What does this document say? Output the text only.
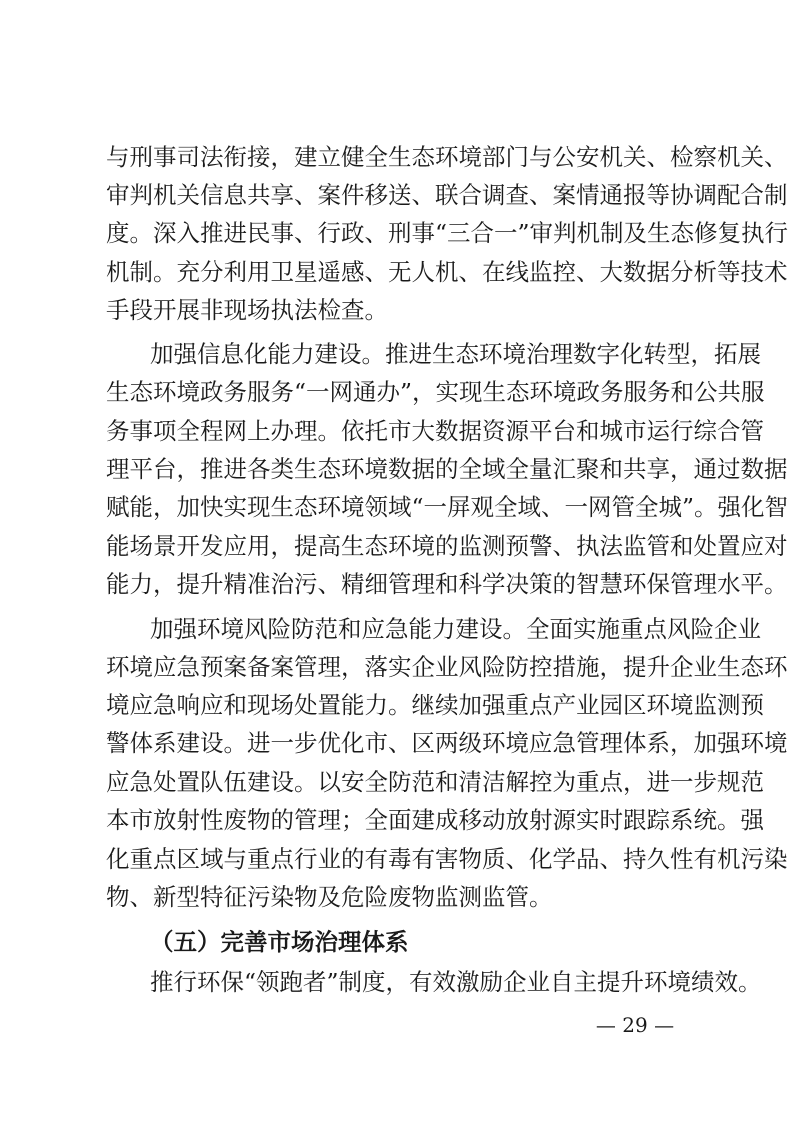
与刑事司法衔接，建立健全生态环境部门与公安机关、检察机关、
审判机关信息共享、案件移送、联合调查、案情通报等协调配合制
度。深入推进民事、行政、刑事“三合一”审判机制及生态修复执行
机制。充分利用卫星遥感、无人机、在线监控、大数据分析等技术
手段开展非现场执法检查。
加强信息化能力建设。推进生态环境治理数字化转型，拓展
生态环境政务服务“一网通办”，实现生态环境政务服务和公共服
务事项全程网上办理。依托市大数据资源平台和城市运行综合管
理平台，推进各类生态环境数据的全域全量汇聚和共享，通过数据
赋能，加快实现生态环境领域“一屏观全域、一网管全城”。强化智
能场景开发应用，提高生态环境的监测预警、执法监管和处置应对
能力，提升精准治污、精细管理和科学决策的智慧环保管理水平。
加强环境风险防范和应急能力建设。全面实施重点风险企业
环境应急预案备案管理，落实企业风险防控措施，提升企业生态环
境应急响应和现场处置能力。继续加强重点产业园区环境监测预
警体系建设。进一步优化市、区两级环境应急管理体系，加强环境
应急处置队伍建设。以安全防范和清洁解控为重点，进一步规范
本市放射性废物的管理；全面建成移动放射源实时跟踪系统。强
化重点区域与重点行业的有毒有害物质、化学品、持久性有机污染
物、新型特征污染物及危险废物监测监管。
（五）完善市场治理体系
推行环保“领跑者”制度，有效激励企业自主提升环境绩效。
— 29 —
